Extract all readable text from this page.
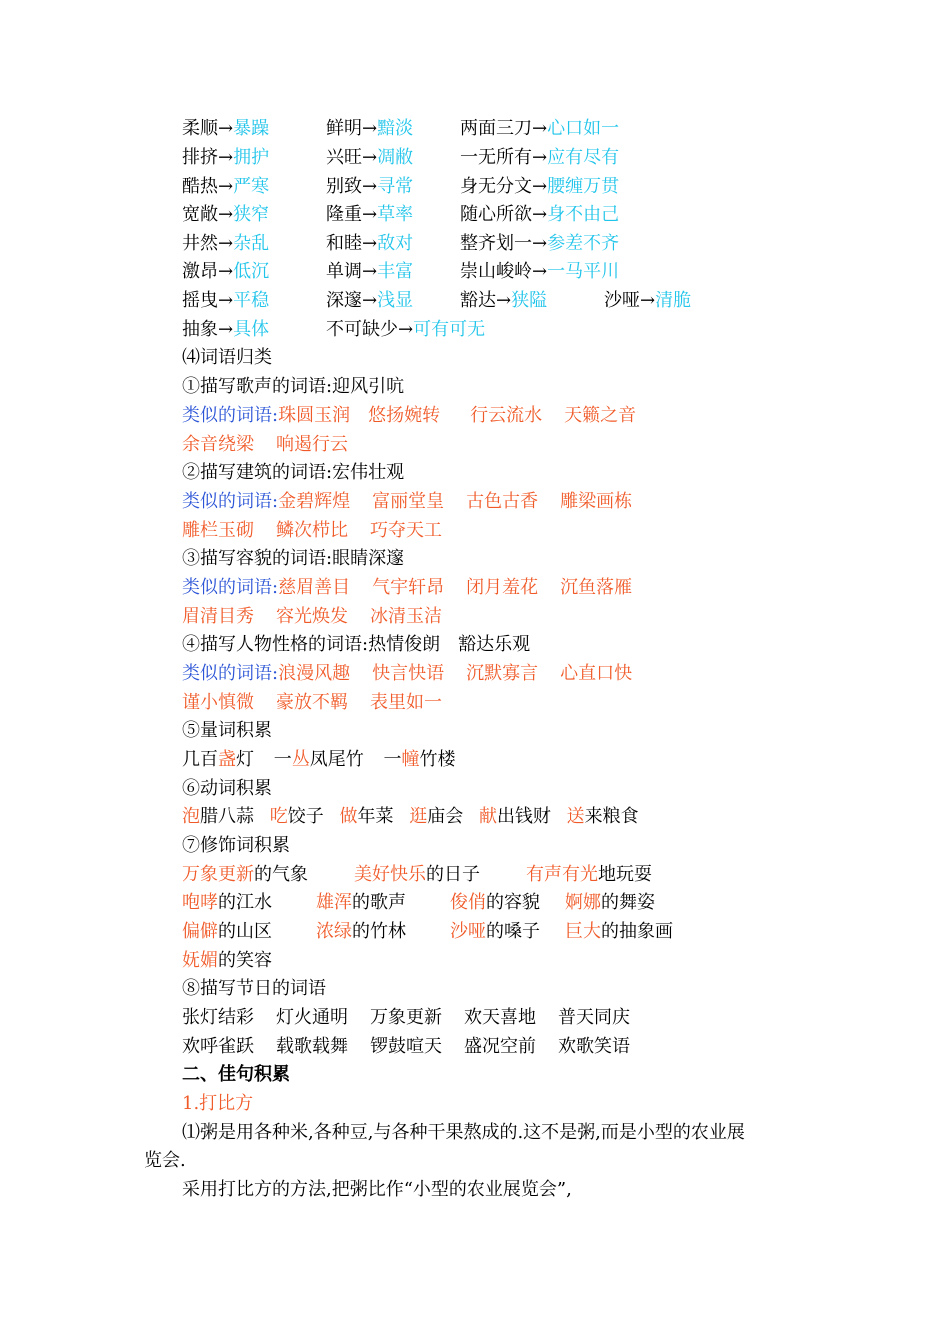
柔顺→暴躁	鲜明→黯淡	两面三刀→心口如一
排挤→拥护	兴旺→凋敝	一无所有→应有尽有
酷热→严寒	别致→寻常	身无分文→腰缠万贯
宽敞→狭窄	隆重→草率	随心所欲→身不由己
井然→杂乱	和睦→敌对	整齐划一→参差不齐
激昂→低沉	单调→丰富	崇山峻岭→一马平川
摇曳→平稳	深邃→浅显	豁达→狭隘	沙哑→清脆
抽象→具体	不可缺少→可有可无
⑷词语归类
①描写歌声的词语:迎风引吭
类似的词语:珠圆玉润 悠扬婉转 行云流水 天籁之音
余音绕梁 响遏行云
②描写建筑的词语:宏伟壮观
类似的词语:金碧辉煌 富丽堂皇 古色古香 雕梁画栋
雕栏玉砌 鳞次栉比 巧夺天工
③描写容貌的词语:眼睛深邃
类似的词语:慈眉善目 气宇轩昂 闭月羞花 沉鱼落雁
眉清目秀 容光焕发 冰清玉洁
④描写人物性格的词语:热情俊朗　豁达乐观
类似的词语:浪漫风趣 快言快语 沉默寡言 心直口快
谨小慎微 豪放不羁 表里如一
⑤量词积累
几百盏灯 一丛凤尾竹 一幢竹楼
⑥动词积累
泡腊八蒜 吃饺子 做年菜 逛庙会 献出钱财 送来粮食
⑦修饰词积累
万象更新的气象	美好快乐的日子	有声有光地玩耍
咆哮的江水 雄浑的歌声 俊俏的容貌 婀娜的舞姿
偏僻的山区 浓绿的竹林 沙哑的嗓子 巨大的抽象画
妩媚的笑容
⑧描写节日的词语
张灯结彩 灯火通明 万象更新 欢天喜地 普天同庆
欢呼雀跃 载歌载舞 锣鼓喧天 盛况空前 欢歌笑语
二、佳句积累
1.打比方
⑴粥是用各种米,各种豆,与各种干果熬成的.这不是粥,而是小型的农业展
览会.
采用打比方的方法,把粥比作“小型的农业展览会”,
